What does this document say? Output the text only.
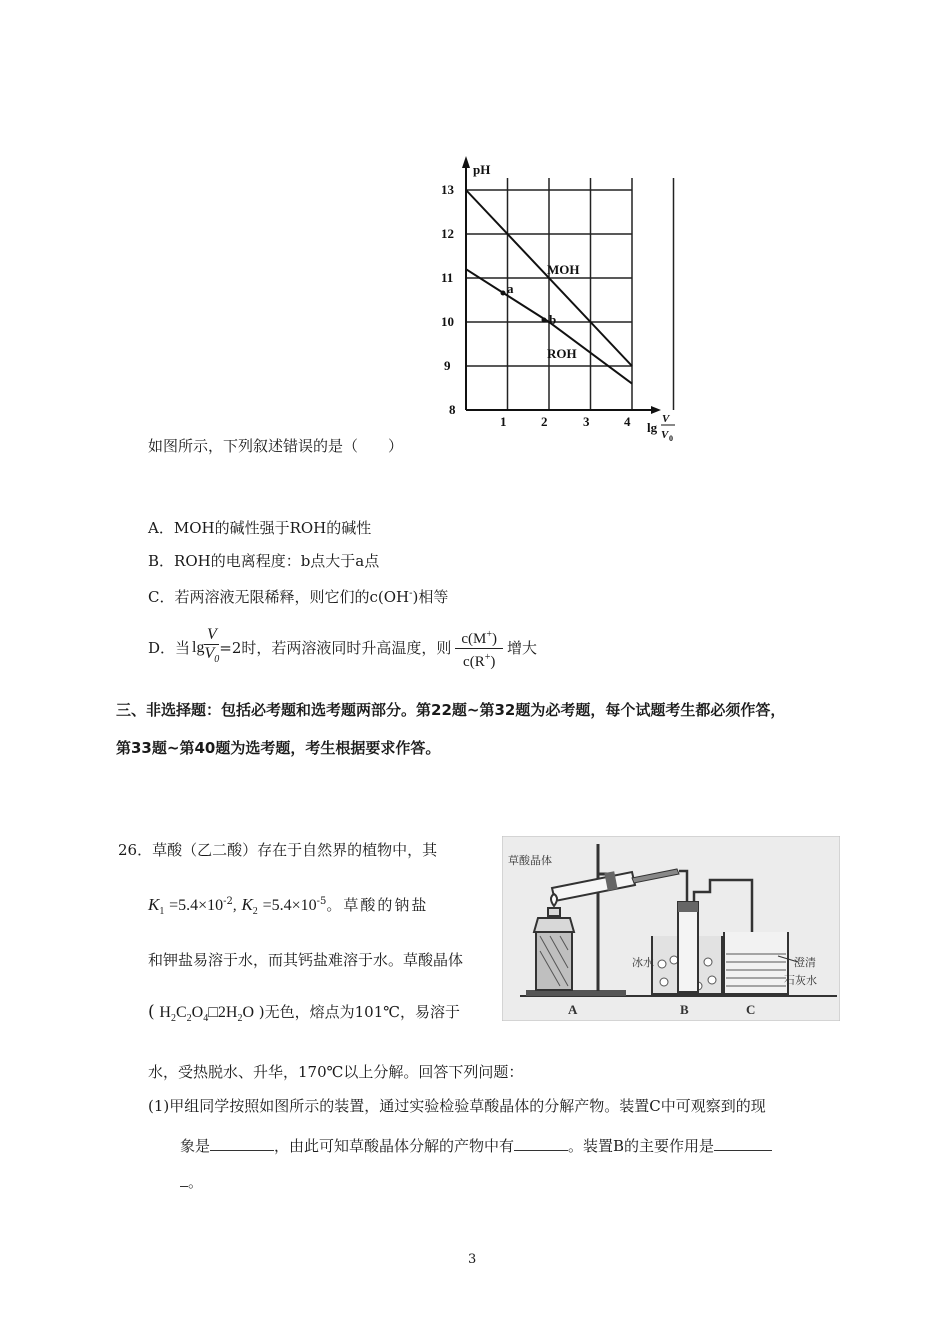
pH
13
12
11
10
9
8
1	2	3	4 lg
V
V 0
MOH
ROH
a
b
如图所示，下列叙述错误的是（　　）
A．MOH的碱性强于ROH的碱性
B．ROH的电离程度：b点大于a点
C．若两溶液无限稀释，则它们的c(OH-)相等
D．当 $\lg \frac{V}{V_0} =2$时，若两溶液同时升高温度，则 $\frac{c(M^+)}{c(R^+)}$ 增大
三、非选择题：包括必考题和选考题两部分。第22题~第32题为必考题，每个试题考生都必须作答，
第33题~第40题为选考题，考生根据要求作答。
26．草酸（乙二酸）存在于自然界的植物中，其
$K_1 =5.4\times 10^{-2}$, $K_2 =5.4\times 10^{-5}$。草酸的钠盐
和钾盐易溶于水，而其钙盐难溶于水。草酸晶体
( $H_2C_2O_4□2H_2O$ )无色，熔点为101℃，易溶于
水，受热脱水、升华，170℃以上分解。回答下列问题：
(1)甲组同学按照如图所示的装置，通过实验检验草酸晶体的分解产物。装置C中可观察到的现
象是	，由此可知草酸晶体分解的产物中有	。装置B的主要作用是
。
草酸晶体
冰水	澄清
石灰水
A	B	C
3
